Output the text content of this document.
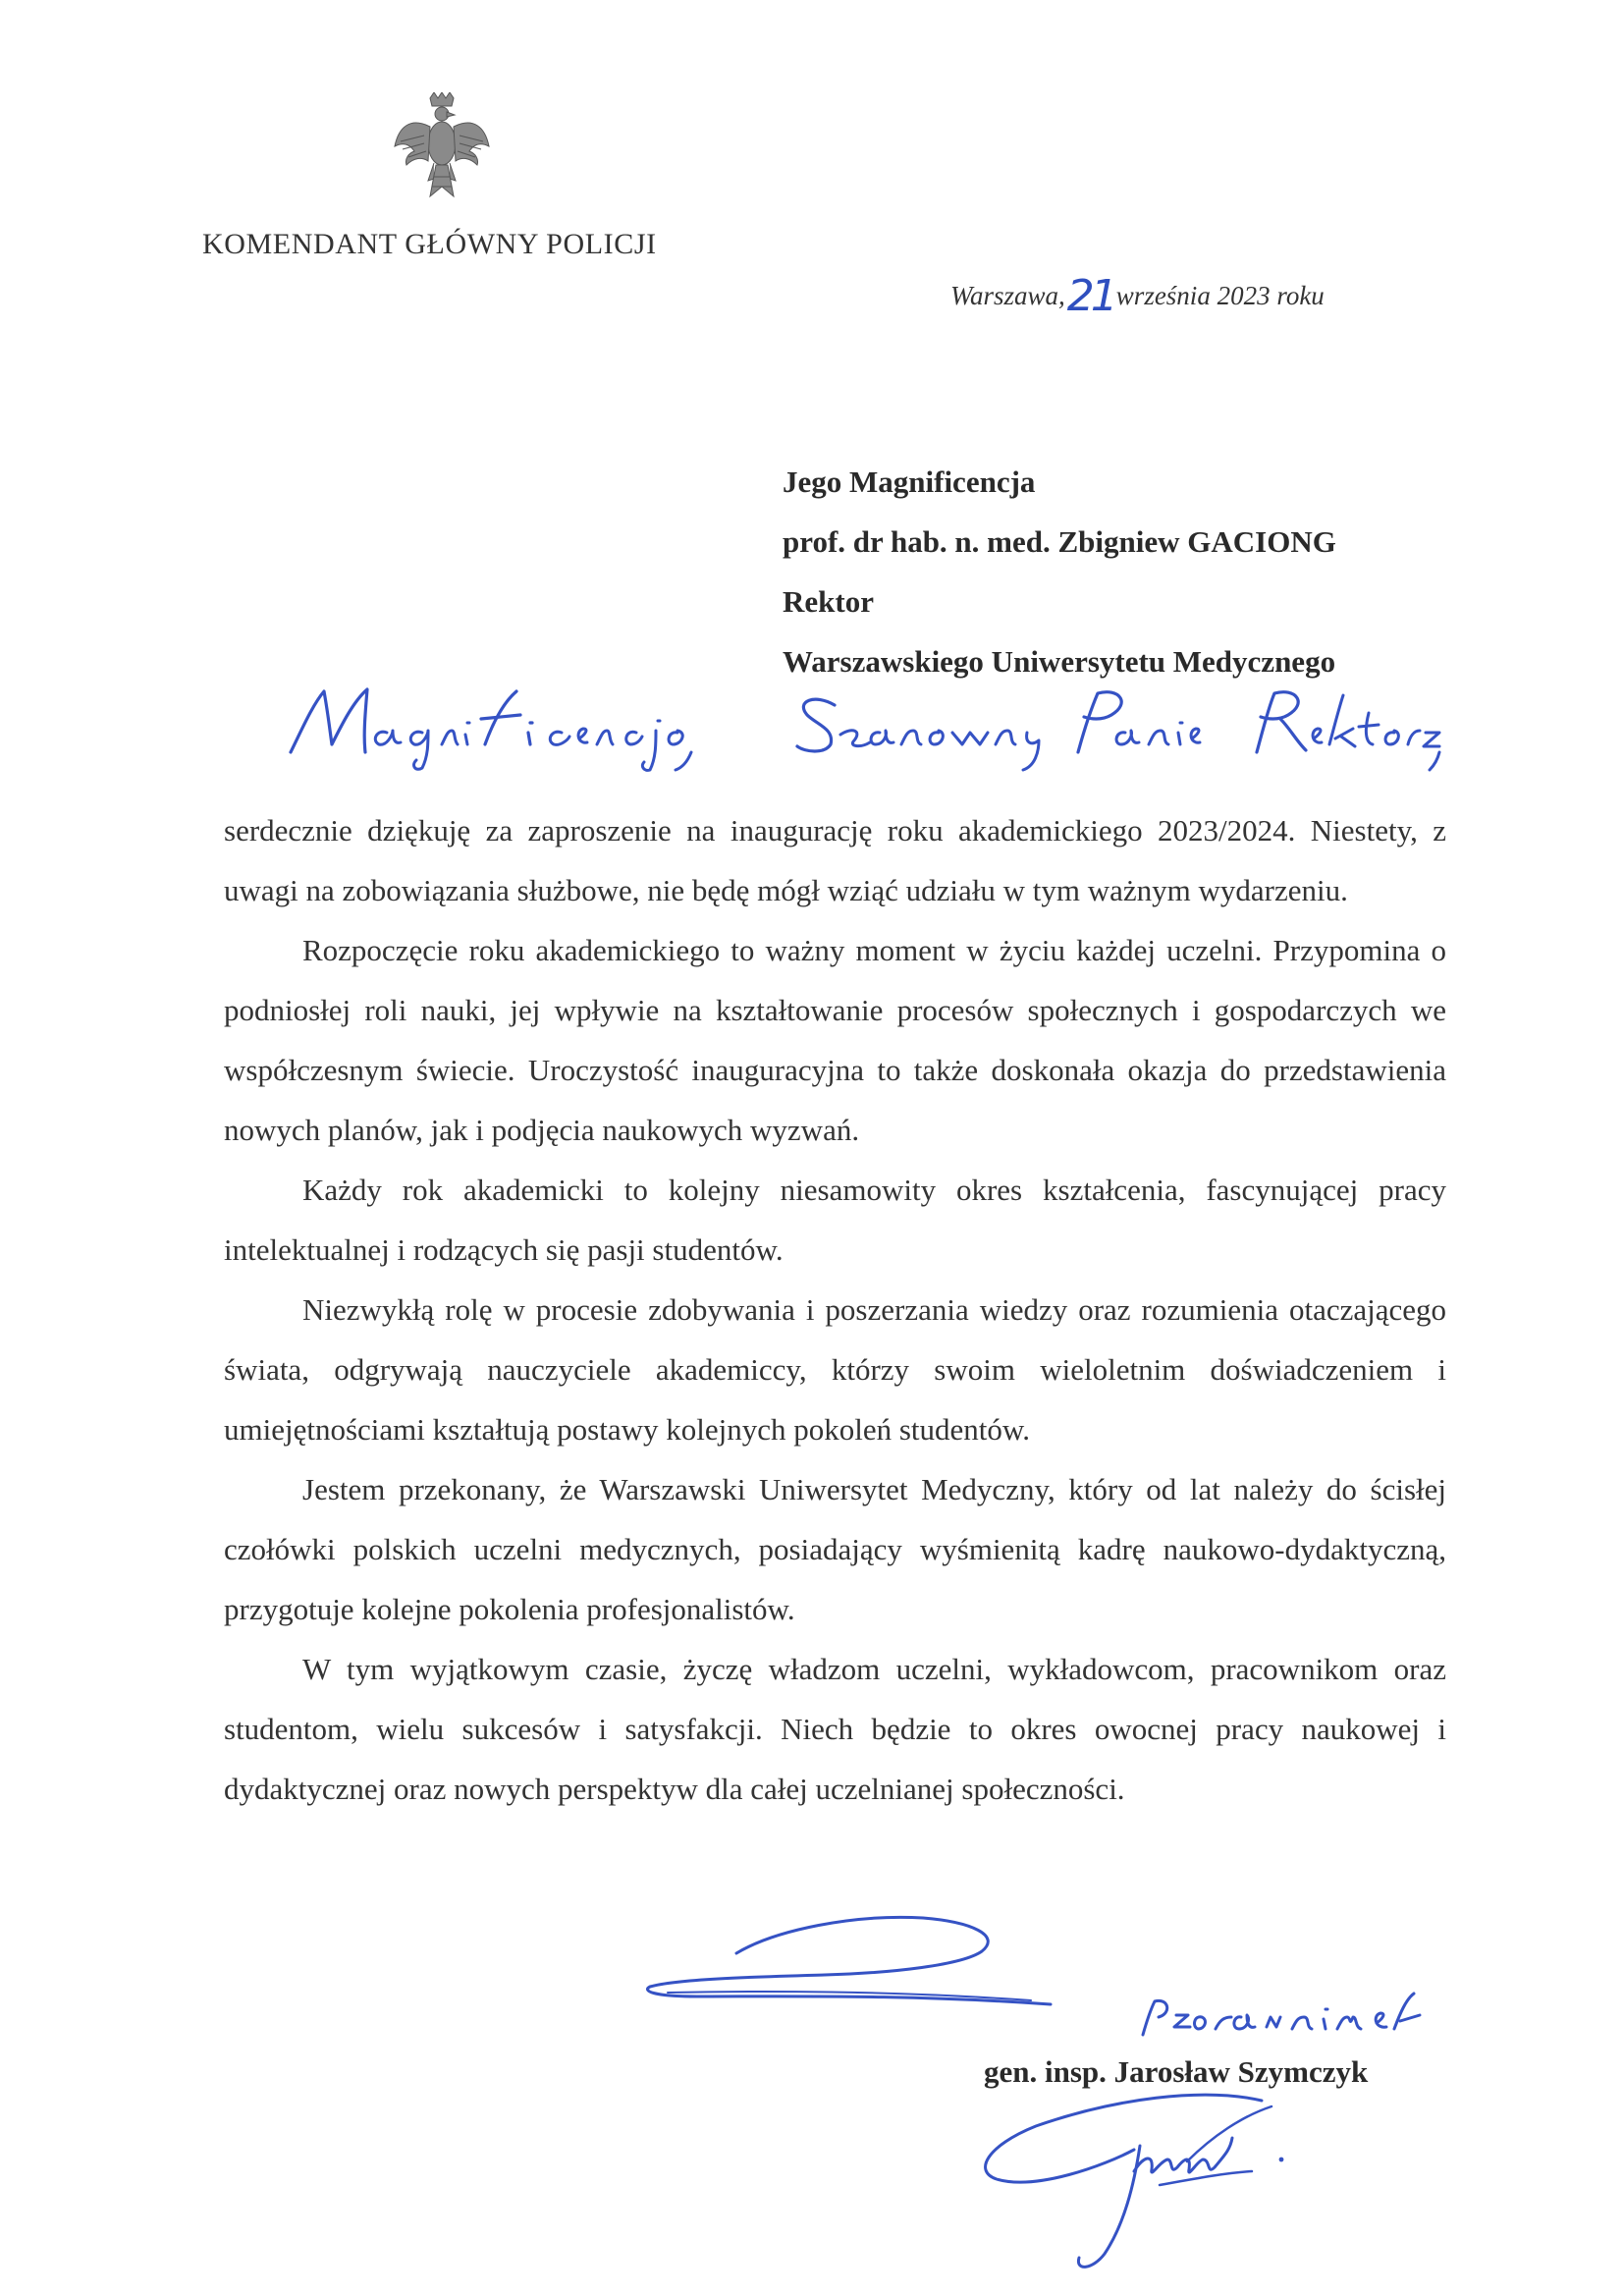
KOMENDANT GŁÓWNY POLICJI
Warszawa,21września 2023 roku
Jego Magnificencja
prof. dr hab. n. med. Zbigniew GACIONG
Rektor
Warszawskiego Uniwersytetu Medycznego

serdecznie dziękuję za zaproszenie na inaugurację roku akademickiego 2023/2024. Niestety, z uwagi na zobowiązania służbowe, nie będę mógł wziąć udziału w tym ważnym wydarzeniu.

Rozpoczęcie roku akademickiego to ważny moment w życiu każdej uczelni. Przypomina o podniosłej roli nauki, jej wpływie na kształtowanie procesów społecznych i gospodarczych we współczesnym świecie. Uroczystość inauguracyjna to także doskonała okazja do przedstawienia nowych planów, jak i podjęcia naukowych wyzwań.

Każdy rok akademicki to kolejny niesamowity okres kształcenia, fascynującej pracy intelektualnej i rodzących się pasji studentów.

Niezwykłą rolę w procesie zdobywania i poszerzania wiedzy oraz rozumienia otaczającego świata, odgrywają nauczyciele akademiccy, którzy swoim wieloletnim doświadczeniem i umiejętnościami kształtują postawy kolejnych pokoleń studentów.

Jestem przekonany, że Warszawski Uniwersytet Medyczny, który od lat należy do ścisłej czołówki polskich uczelni medycznych, posiadający wyśmienitą kadrę naukowo-dydaktyczną, przygotuje kolejne pokolenia profesjonalistów.

W tym wyjątkowym czasie, życzę władzom uczelni, wykładowcom, pracownikom oraz studentom, wielu sukcesów i satysfakcji. Niech będzie to okres owocnej pracy naukowej i dydaktycznej oraz nowych perspektyw dla całej uczelnianej społeczności.

gen. insp. Jarosław Szymczyk
